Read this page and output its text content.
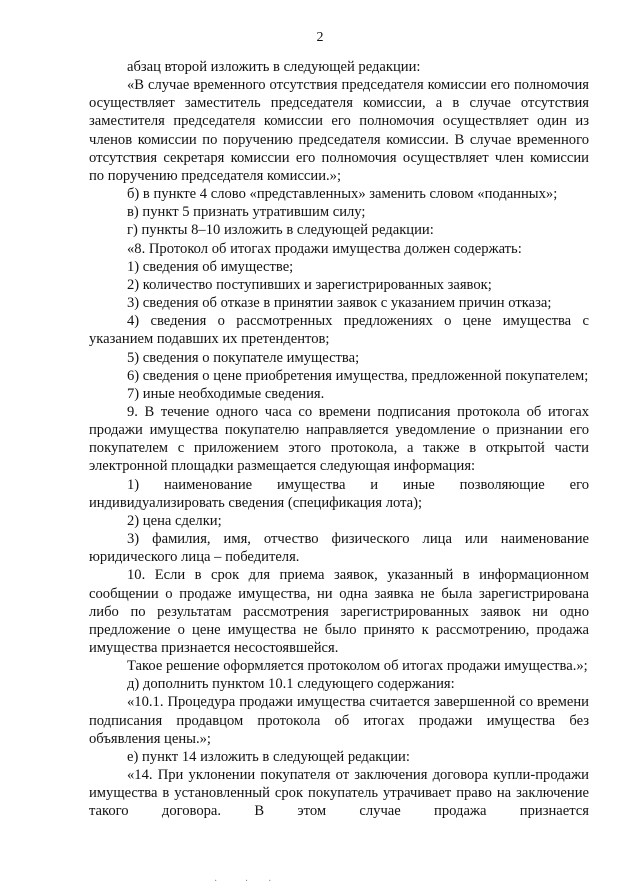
2

абзац второй изложить в следующей редакции:

«В случае временного отсутствия председателя комиссии его полномочия осуществляет заместитель председателя комиссии, а в случае отсутствия заместителя председателя комиссии его полномочия осуществляет один из членов комиссии по поручению председателя комиссии. В случае временного отсутствия секретаря комиссии его полномочия осуществляет член комиссии по поручению председателя комиссии.»;

б) в пункте 4 слово «представленных» заменить словом «поданных»;

в) пункт 5 признать утратившим силу;

г) пункты 8–10 изложить в следующей редакции:

«8. Протокол об итогах продажи имущества должен содержать:

1) сведения об имуществе;

2) количество поступивших и зарегистрированных заявок;

3) сведения об отказе в принятии заявок с указанием причин отказа;

4) сведения о рассмотренных предложениях о цене имущества с указанием подавших их претендентов;

5) сведения о покупателе имущества;

6) сведения о цене приобретения имущества, предложенной покупателем;

7) иные необходимые сведения.

9. В течение одного часа со времени подписания протокола об итогах продажи имущества покупателю направляется уведомление о признании его покупателем с приложением этого протокола, а также в открытой части электронной площадки размещается следующая информация:

1) наименование имущества и иные позволяющие его индивидуализировать сведения (спецификация лота);

2) цена сделки;

3) фамилия, имя, отчество физического лица или наименование юридического лица – победителя.

10. Если в срок для приема заявок, указанный в информационном сообщении о продаже имущества, ни одна заявка не была зарегистрирована либо по результатам рассмотрения зарегистрированных заявок ни одно предложение о цене имущества не было принято к рассмотрению, продажа имущества признается несостоявшейся.

Такое решение оформляется протоколом об итогах продажи имущества.»;

д) дополнить пунктом 10.1 следующего содержания:

«10.1. Процедура продажи имущества считается завершенной со времени подписания продавцом протокола об итогах продажи имущества без объявления цены.»;

е) пункт 14 изложить в следующей редакции:

«14. При уклонении покупателя от заключения договора купли-продажи имущества в установленный срок покупатель утрачивает право на заключение такого договора. В этом случае продажа признается

·           ·        ·
